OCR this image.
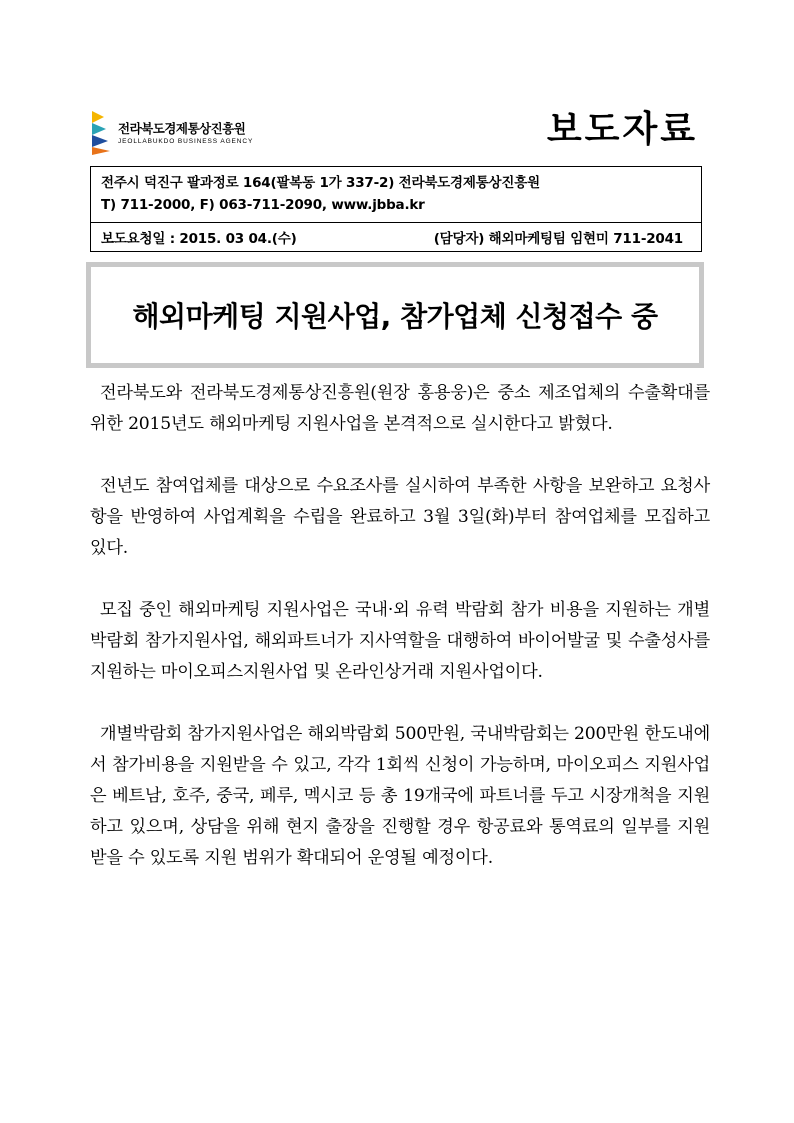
전라북도경제통상진흥원
JEOLLABUKDO BUSINESS AGENCY	보도자료
전주시 덕진구 팔과정로 164(팔복동 1가 337-2) 전라북도경제통상진흥원
T) 711-2000, F) 063-711-2090, www.jbba.kr
보도요청일 : 2015. 03 04.(수)	(담당자) 해외마케팅팀 임현미 711-2041
해외마케팅 지원사업, 참가업체 신청접수 중

전라북도와 전라북도경제통상진흥원(원장 홍용웅)은 중소 제조업체의 수출확대를 위한 2015년도 해외마케팅 지원사업을 본격적으로 실시한다고 밝혔다.

전년도 참여업체를 대상으로 수요조사를 실시하여 부족한 사항을 보완하고 요청사항을 반영하여 사업계획을 수립을 완료하고 3월 3일(화)부터 참여업체를 모집하고 있다.

모집 중인 해외마케팅 지원사업은 국내·외 유력 박람회 참가 비용을 지원하는 개별박람회 참가지원사업, 해외파트너가 지사역할을 대행하여 바이어발굴 및 수출성사를 지원하는 마이오피스지원사업 및 온라인상거래 지원사업이다.

개별박람회 참가지원사업은 해외박람회 500만원, 국내박람회는 200만원 한도내에서 참가비용을 지원받을 수 있고, 각각 1회씩 신청이 가능하며, 마이오피스 지원사업은 베트남, 호주, 중국, 페루, 멕시코 등 총 19개국에 파트너를 두고 시장개척을 지원하고 있으며, 상담을 위해 현지 출장을 진행할 경우 항공료와 통역료의 일부를 지원받을 수 있도록 지원 범위가 확대되어 운영될 예정이다.
